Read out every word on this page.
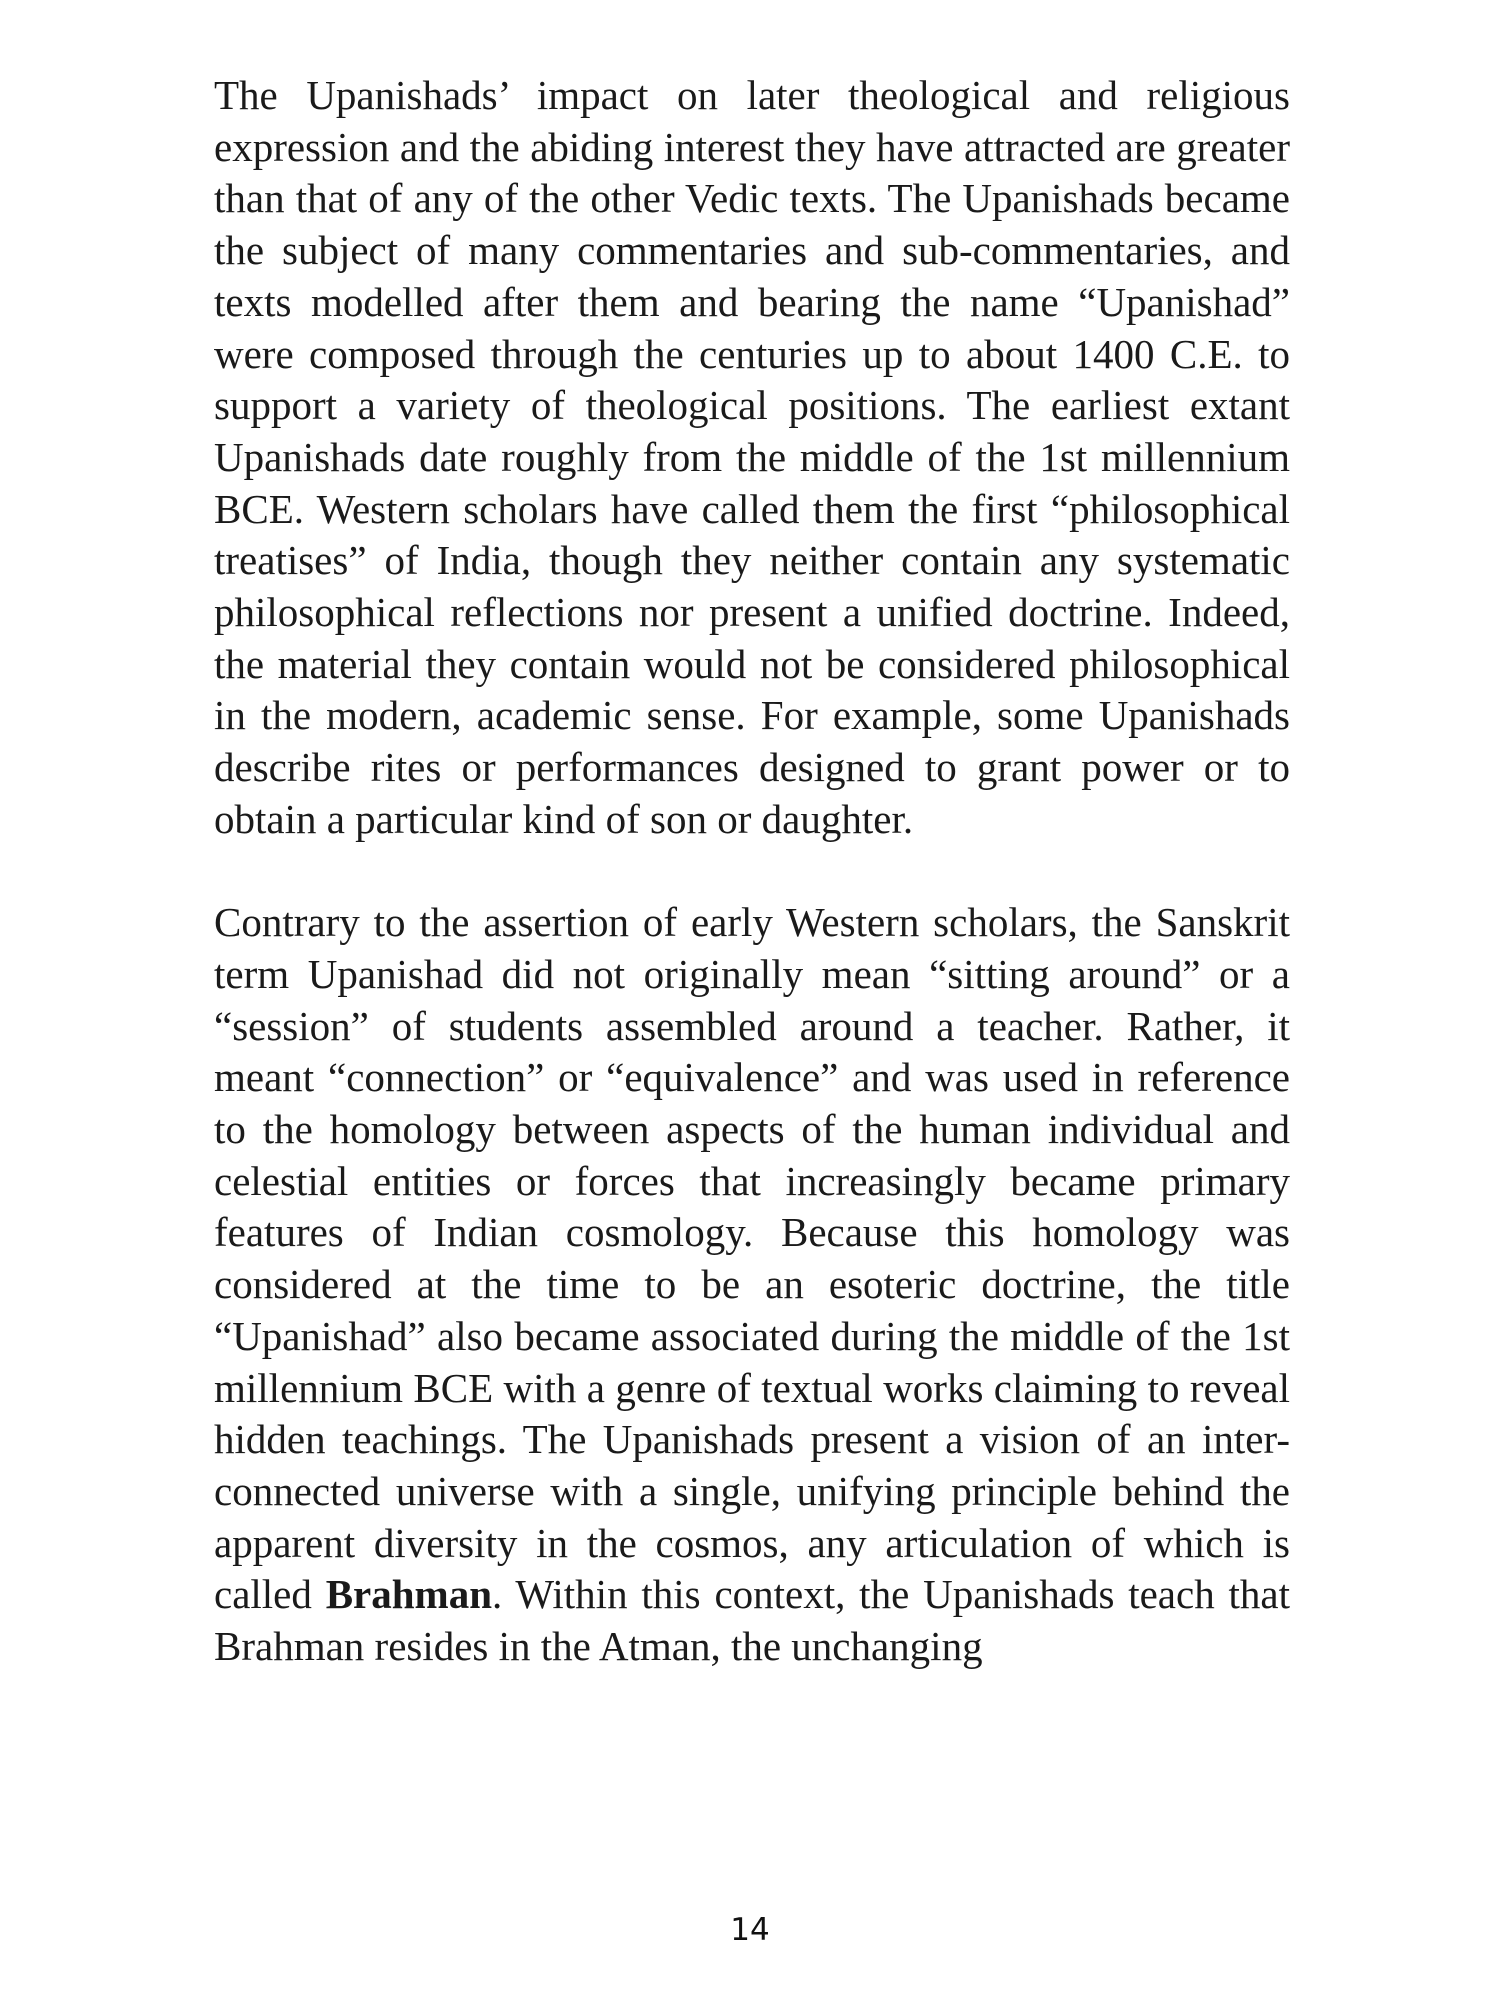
The Upanishads’ impact on later theological and religious expression and the abiding interest they have attracted are greater than that of any of the other Vedic texts. The Upanishads became the subject of many commentaries and sub-commentaries, and texts modelled after them and bearing the name “Upanishad” were composed through the centuries up to about 1400 C.E. to support a variety of theological positions. The earliest extant Upanishads date roughly from the middle of the 1st millennium BCE. Western scholars have called them the first “philosophical treatises” of India, though they neither contain any systematic philosophical reflections nor present a unified doctrine. Indeed, the material they contain would not be considered philosophical in the modern, academic sense. For example, some Upanishads describe rites or performances designed to grant power or to obtain a particular kind of son or daughter.

Contrary to the assertion of early Western scholars, the Sanskrit term Upanishad did not originally mean “sitting around” or a “session” of students assembled around a teacher. Rather, it meant “connection” or “equivalence” and was used in reference to the homology between aspects of the human individual and celestial entities or forces that increasingly became primary features of Indian cosmology. Because this homology was considered at the time to be an esoteric doctrine, the title “Upanishad” also became associated during the middle of the 1st millennium BCE with a genre of textual works claiming to reveal hidden teachings. The Upanishads present a vision of an inter-connected universe with a single, unifying principle behind the apparent diversity in the cosmos, any articulation of which is called Brahman. Within this context, the Upanishads teach that Brahman resides in the Atman, the unchanging

14
